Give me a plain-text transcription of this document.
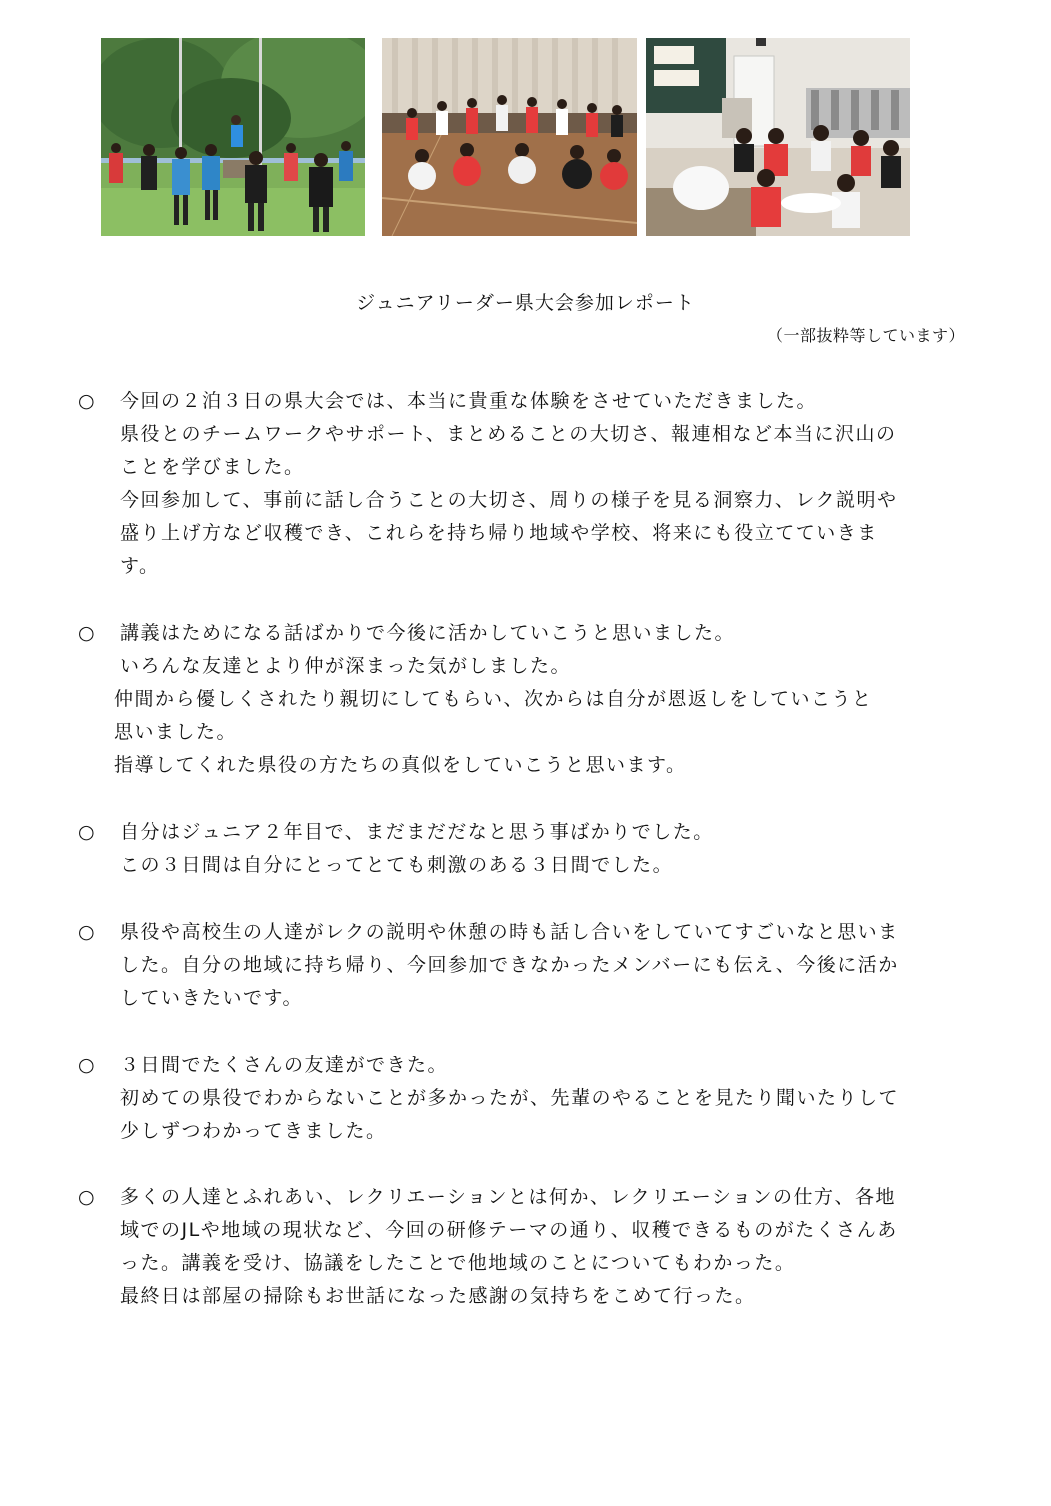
ジュニアリーダー県大会参加レポート
（一部抜粋等しています）
○ 今回の２泊３日の県大会では、本当に貴重な体験をさせていただきました。
県役とのチームワークやサポート、まとめることの大切さ、報連相など本当に沢山の
ことを学びました。
今回参加して、事前に話し合うことの大切さ、周りの様子を見る洞察力、レク説明や
盛り上げ方など収穫でき、これらを持ち帰り地域や学校、将来にも役立てていきま
す。
○ 講義はためになる話ばかりで今後に活かしていこうと思いました。
いろんな友達とより仲が深まった気がしました。
仲間から優しくされたり親切にしてもらい、次からは自分が恩返しをしていこうと
思いました。
指導してくれた県役の方たちの真似をしていこうと思います。
○ 自分はジュニア２年目で、まだまだだなと思う事ばかりでした。
この３日間は自分にとってとても刺激のある３日間でした。
○ 県役や高校生の人達がレクの説明や休憩の時も話し合いをしていてすごいなと思いま
した。自分の地域に持ち帰り、今回参加できなかったメンバーにも伝え、今後に活か
していきたいです。
○ ３日間でたくさんの友達ができた。
初めての県役でわからないことが多かったが、先輩のやることを見たり聞いたりして
少しずつわかってきました。
○ 多くの人達とふれあい、レクリエーションとは何か、レクリエーションの仕方、各地
域でのJLや地域の現状など、今回の研修テーマの通り、収穫できるものがたくさんあ
った。講義を受け、協議をしたことで他地域のことについてもわかった。
最終日は部屋の掃除もお世話になった感謝の気持ちをこめて行った。
